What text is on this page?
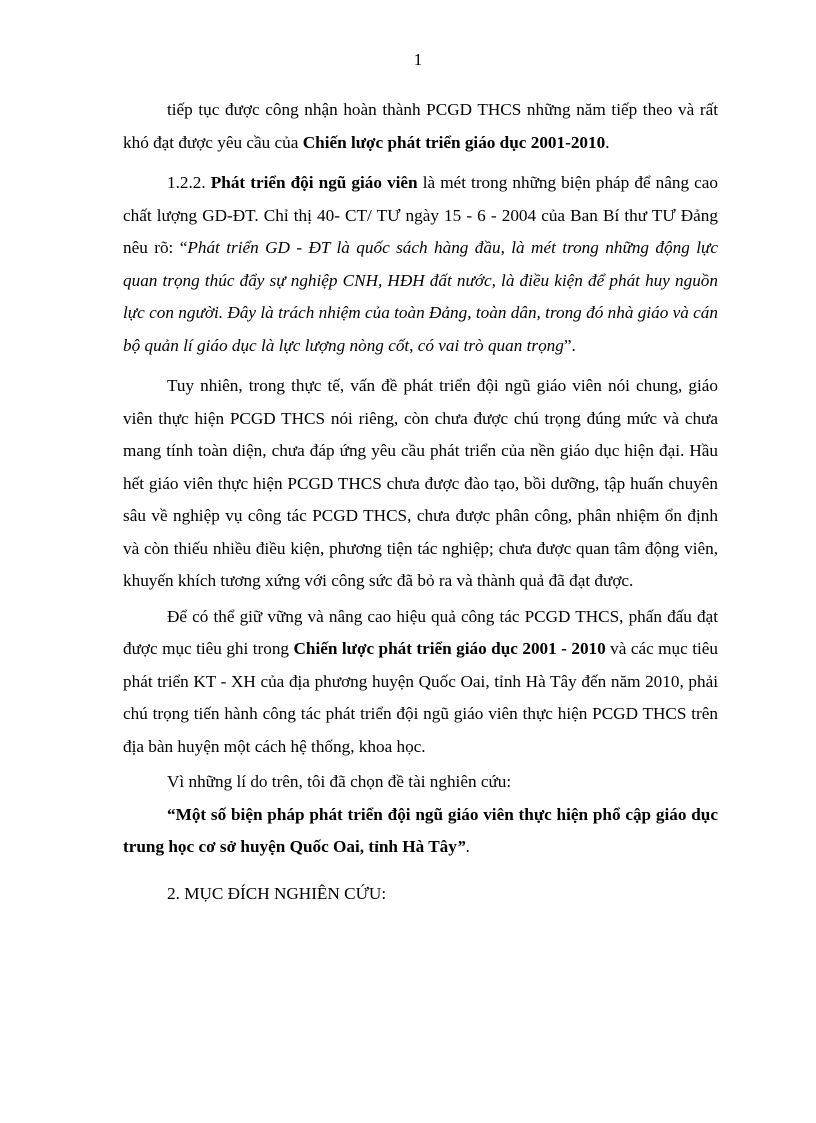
1

tiếp tục được công nhận hoàn thành PCGD THCS những năm tiếp theo và rất khó đạt được yêu cầu của Chiến lược phát triển giáo dục 2001-2010.

1.2.2. Phát triển đội ngũ giáo viên là mét trong những biện pháp để nâng cao chất lượng GD-ĐT. Chỉ thị 40- CT/ TƯ ngày 15 - 6 - 2004 của Ban Bí thư TƯ Đảng nêu rõ: “Phát triển GD - ĐT là quốc sách hàng đầu, là mét trong những động lực quan trọng thúc đẩy sự nghiệp CNH, HĐH đất nước, là điều kiện để phát huy nguồn lực con người. Đây là trách nhiệm của toàn Đảng, toàn dân, trong đó nhà giáo và cán bộ quản lí giáo dục là lực lượng nòng cốt, có vai trò quan trọng”.

Tuy nhiên, trong thực tế, vấn đề phát triển đội ngũ giáo viên nói chung, giáo viên thực hiện PCGD THCS nói riêng, còn chưa được chú trọng đúng mức và chưa mang tính toàn diện, chưa đáp ứng yêu cầu phát triển của nền giáo dục hiện đại. Hầu hết giáo viên thực hiện PCGD THCS chưa được đào tạo, bồi dưỡng, tập huấn chuyên sâu về nghiệp vụ công tác PCGD THCS, chưa được phân công, phân nhiệm ổn định và còn thiếu nhiều điều kiện, phương tiện tác nghiệp; chưa được quan tâm động viên, khuyến khích tương xứng với công sức đã bỏ ra và thành quả đã đạt được.

Để có thể giữ vững và nâng cao hiệu quả công tác PCGD THCS, phấn đấu đạt được mục tiêu ghi trong Chiến lược phát triển giáo dục 2001 - 2010 và các mục tiêu phát triển KT - XH của địa phương huyện Quốc Oai, tỉnh Hà Tây đến năm 2010, phải chú trọng tiến hành công tác phát triển đội ngũ giáo viên thực hiện PCGD THCS trên địa bàn huyện một cách hệ thống, khoa học.

Vì những lí do trên, tôi đã chọn đề tài nghiên cứu:

“Một số biện pháp phát triển đội ngũ giáo viên thực hiện phổ cập giáo dục trung học cơ sở huyện Quốc Oai, tỉnh Hà Tây”.

2. MỤC ĐÍCH NGHIÊN CỨU:
